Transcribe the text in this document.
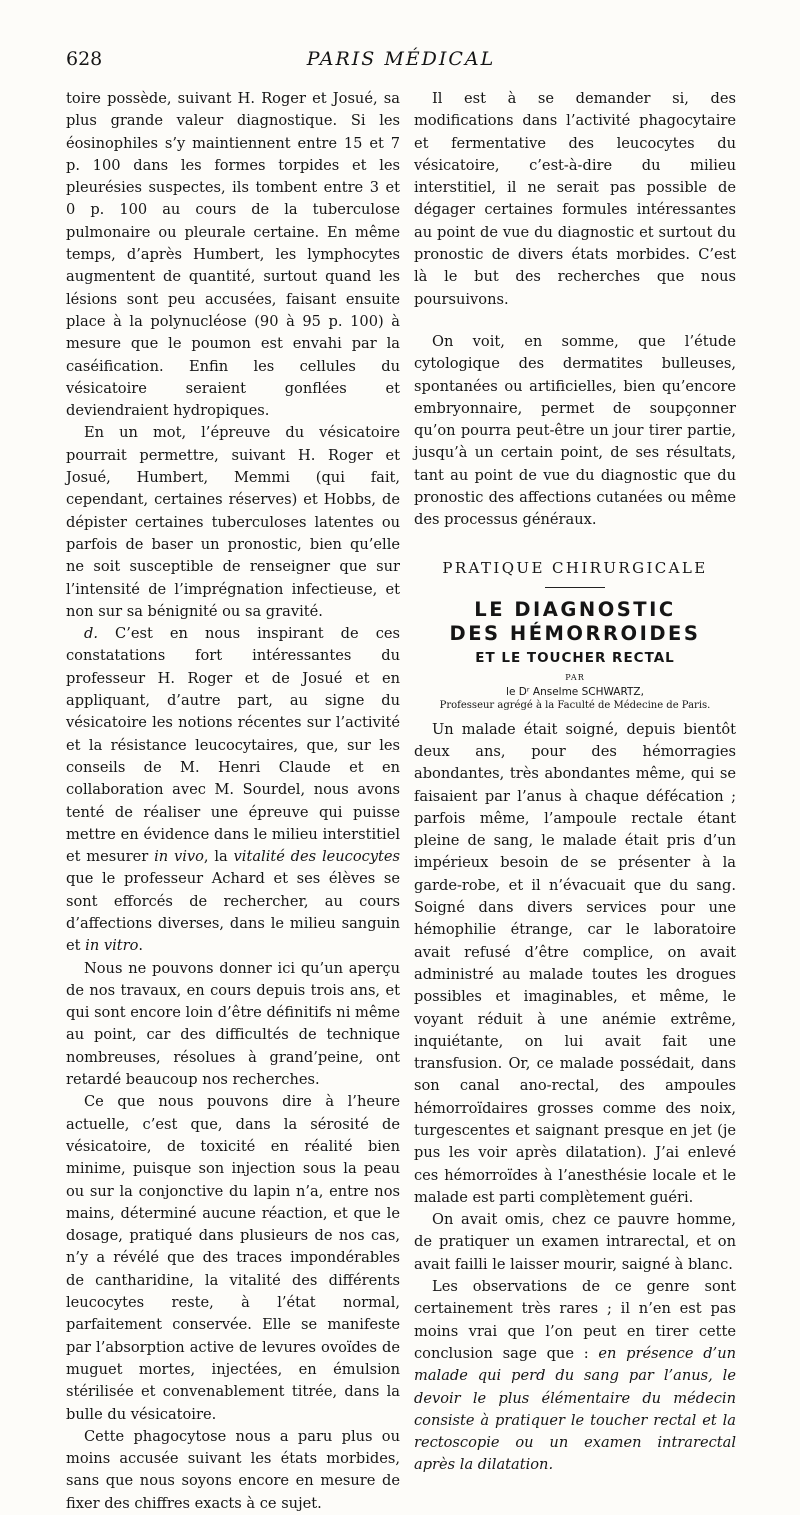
628	PARIS MÉDICAL

toire possède, suivant H. Roger et Josué, sa plus grande valeur diagnostique. Si les éosinophiles s’y maintiennent entre 15 et 7 p. 100 dans les formes torpides et les pleurésies suspectes, ils tombent entre 3 et 0 p. 100 au cours de la tuberculose pulmonaire ou pleurale certaine. En même temps, d’après Humbert, les lymphocytes augmentent de quantité, surtout quand les lésions sont peu accusées, faisant ensuite place à la polynucléose (90 à 95 p. 100) à mesure que le poumon est envahi par la caséification. Enfin les cellules du vésicatoire seraient gonflées et deviendraient hydropiques.

En un mot, l’épreuve du vésicatoire pourrait permettre, suivant H. Roger et Josué, Humbert, Memmi (qui fait, cependant, certaines réserves) et Hobbs, de dépister certaines tuberculoses latentes ou parfois de baser un pronostic, bien qu’elle ne soit susceptible de renseigner que sur l’intensité de l’imprégnation infectieuse, et non sur sa bénignité ou sa gravité.

d. C’est en nous inspirant de ces constatations fort intéressantes du professeur H. Roger et de Josué et en appliquant, d’autre part, au signe du vésicatoire les notions récentes sur l’activité et la résistance leucocytaires, que, sur les conseils de M. Henri Claude et en collaboration avec M. Sourdel, nous avons tenté de réaliser une épreuve qui puisse mettre en évidence dans le milieu interstitiel et mesurer in vivo, la vitalité des leucocytes que le professeur Achard et ses élèves se sont efforcés de rechercher, au cours d’affections diverses, dans le milieu sanguin et in vitro.

Nous ne pouvons donner ici qu’un aperçu de nos travaux, en cours depuis trois ans, et qui sont encore loin d’être définitifs ni même au point, car des difficultés de technique nombreuses, résolues à grand’peine, ont retardé beaucoup nos recherches.

Ce que nous pouvons dire à l’heure actuelle, c’est que, dans la sérosité de vésicatoire, de toxicité en réalité bien minime, puisque son injection sous la peau ou sur la conjonctive du lapin n’a, entre nos mains, déterminé aucune réaction, et que le dosage, pratiqué dans plusieurs de nos cas, n’y a révélé que des traces impondérables de cantharidine, la vitalité des différents leucocytes reste, à l’état normal, parfaitement conservée. Elle se manifeste par l’absorption active de levures ovoïdes de muguet mortes, injectées, en émulsion stérilisée et convenablement titrée, dans la bulle du vésicatoire.

Cette phagocytose nous a paru plus ou moins accusée suivant les états morbides, sans que nous soyons encore en mesure de fixer des chiffres exacts à ce sujet.

Il est à se demander si, des modifications dans l’activité phagocytaire et fermentative des leucocytes du vésicatoire, c’est-à-dire du milieu interstitiel, il ne serait pas possible de dégager certaines formules intéressantes au point de vue du diagnostic et surtout du pronostic de divers états morbides. C’est là le but des recherches que nous poursuivons.

On voit, en somme, que l’étude cytologique des dermatites bulleuses, spontanées ou artificielles, bien qu’encore embryonnaire, permet de soupçonner qu’on pourra peut-être un jour tirer partie, jusqu’à un certain point, de ses résultats, tant au point de vue du diagnostic que du pronostic des affections cutanées ou même des processus généraux.

PRATIQUE CHIRURGICALE
LE DIAGNOSTIC
DES HÉMORROIDES
ET LE TOUCHER RECTAL
PAR
le Dʳ Anselme SCHWARTZ,
Professeur agrégé à la Faculté de Médecine de Paris.

Un malade était soigné, depuis bientôt deux ans, pour des hémorragies abondantes, très abondantes même, qui se faisaient par l’anus à chaque défécation ; parfois même, l’ampoule rectale étant pleine de sang, le malade était pris d’un impérieux besoin de se présenter à la garde-robe, et il n’évacuait que du sang. Soigné dans divers services pour une hémophilie étrange, car le laboratoire avait refusé d’être complice, on avait administré au malade toutes les drogues possibles et imaginables, et même, le voyant réduit à une anémie extrême, inquiétante, on lui avait fait une transfusion. Or, ce malade possédait, dans son canal ano-rectal, des ampoules hémorroïdaires grosses comme des noix, turgescentes et saignant presque en jet (je pus les voir après dilatation). J’ai enlevé ces hémorroïdes à l’anesthésie locale et le malade est parti complètement guéri.

On avait omis, chez ce pauvre homme, de pratiquer un examen intrarectal, et on avait failli le laisser mourir, saigné à blanc.

Les observations de ce genre sont certainement très rares ; il n’en est pas moins vrai que l’on peut en tirer cette conclusion sage que : en présence d’un malade qui perd du sang par l’anus, le devoir le plus élémentaire du médecin consiste à pratiquer le toucher rectal et la rectoscopie ou un examen intrarectal après la dilatation.
